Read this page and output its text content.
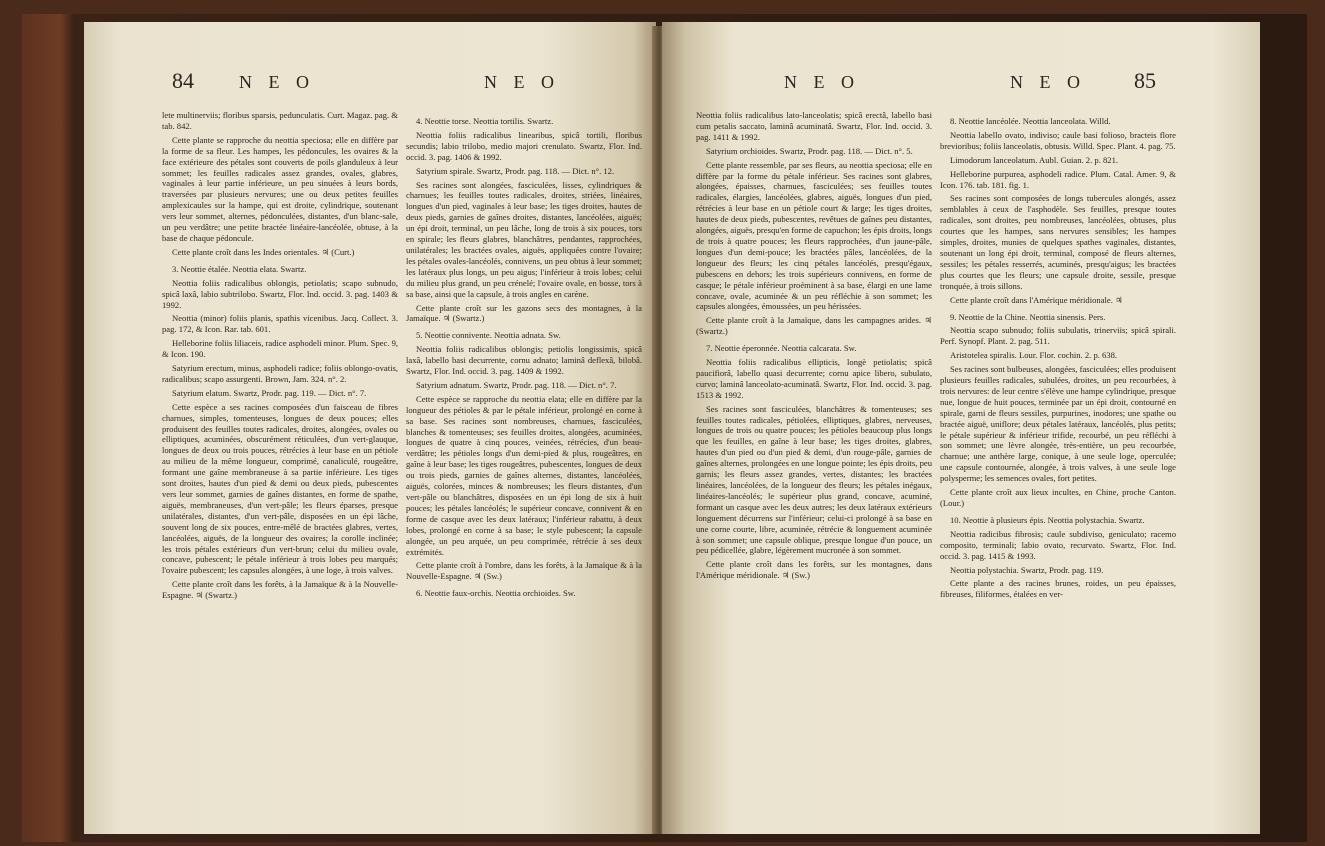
84	N E O	N E O

lete multinerviis; floribus sparsis, pedunculatis. Curt. Magaz. pag. & tab. 842.

Cette plante se rapproche du neottia speciosa; elle en diffère par la forme de sa fleur. Les hampes, les pédoncules, les ovaires & la face extérieure des pétales sont couverts de poils glanduleux à leur sommet; les feuilles radicales assez grandes, ovales, glabres, vaginales à leur partie inférieure, un peu sinuées à leurs bords, traversées par plusieurs nervures; une ou deux petites feuilles amplexicaules sur la hampe, qui est droite, cylindrique, soutenant vers leur sommet, alternes, pédonculées, distantes, d'un blanc-sale, un peu verdâtre; une petite bractée linéaire-lancéolée, obtuse, à la base de chaque pédoncule.

Cette plante croît dans les Indes orientales. ♃ (Curt.)

3. Neottie étalée. Neottia elata. Swartz.

Neottia foliis radicalibus oblongis, petiolatis; scapo subnudo, spicâ laxâ, labio subtrilobo. Swartz, Flor. Ind. occid. 3. pag. 1403 & 1992.

Neottia (minor) foliis planis, spathis vicenibus. Jacq. Collect. 3. pag. 172, & Icon. Rar. tab. 601.

Helleborine foliis liliaceis, radice asphodeli minor. Plum. Spec. 9, & Icon. 190.

Satyrium erectum, minus, asphodeli radice; foliis oblongo-ovatis, radicalibus; scapo assurgenti. Brown, Jam. 324. n°. 2.

Satyrium elatum. Swartz, Prodr. pag. 119. — Dict. n°. 7.

Cette espèce a ses racines composées d'un faisceau de fibres charnues, simples, tomenteuses, longues de deux pouces; elles produisent des feuilles toutes radicales, droites, alongées, ovales ou elliptiques, acuminées, obscurément réticulées, d'un vert-glauque, longues de deux ou trois pouces, rétrécies à leur base en un pétiole au milieu de la même longueur, comprimé, canaliculé, rougeâtre, formant une gaîne membraneuse à sa partie inférieure. Les tiges sont droites, hautes d'un pied & demi ou deux pieds, pubescentes vers leur sommet, garnies de gaînes distantes, en forme de spathe, aiguës, membraneuses, d'un vert-pâle; les fleurs éparses, presque unilatérales, distantes, d'un vert-pâle, disposées en un épi lâche, souvent long de six pouces, entre-mêlé de bractées glabres, vertes, lancéolées, aiguës, de la longueur des ovaires; la corolle inclinée; les trois pétales extérieurs d'un vert-brun; celui du milieu ovale, concave, pubescent; le pétale inférieur à trois lobes peu marqués; l'ovaire pubescent; les capsules alongées, à une loge, à trois valves.

Cette plante croît dans les forêts, à la Jamaïque & à la Nouvelle-Espagne. ♃ (Swartz.)

4. Neottie torse. Neottia tortilis. Swartz.

Neottia foliis radicalibus linearibus, spicâ tortili, floribus secundis; labio trilobo, medio majori crenulato. Swartz, Flor. Ind. occid. 3. pag. 1406 & 1992.

Satyrium spirale. Swartz, Prodr. pag. 118. — Dict. n°. 12.

Ses racines sont alongées, fasciculées, lisses, cylindriques & charnues; les feuilles toutes radicales, droites, striées, linéaires, longues d'un pied, vaginales à leur base; les tiges droites, hautes de deux pieds, garnies de gaînes droites, distantes, lancéolées, aiguës; un épi droit, terminal, un peu lâche, long de trois à six pouces, tors en spirale; les fleurs glabres, blanchâtres, pendantes, rapprochées, unilatérales; les bractées ovales, aiguës, appliquées contre l'ovaire; les pétales ovales-lancéolés, connivens, un peu obtus à leur sommet; les latéraux plus longs, un peu aigus; l'inférieur à trois lobes; celui du milieu plus grand, un peu crénelé; l'ovaire ovale, en bosse, tors à sa base, ainsi que la capsule, à trois angles en carène.

Cette plante croît sur les gazons secs des montagnes, à la Jamaïque. ♃ (Swartz.)

5. Neottie connivente. Neottia adnata. Sw.

Neottia foliis radicalibus oblongis; petiolis longissimis, spicâ laxâ, labello basi decurrente, cornu adnato; laminâ deflexâ, bilobâ. Swartz, Flor. Ind. occid. 3. pag. 1409 & 1992.

Satyrium adnatum. Swartz, Prodr. pag. 118. — Dict. n°. 7.

Cette espèce se rapproche du neottia elata; elle en diffère par la longueur des pétioles & par le pétale inférieur, prolongé en corne à sa base. Ses racines sont nombreuses, charnues, fasciculées, blanches & tomenteuses; ses feuilles droites, alongées, acuminées, longues de quatre à cinq pouces, veinées, rétrécies, d'un beau-verdâtre; les pétioles longs d'un demi-pied & plus, rougeâtres, en gaîne à leur base; les tiges rougeâtres, pubescentes, longues de deux ou trois pieds, garnies de gaînes alternes, distantes, lancéolées, aiguës, colorées, minces & nombreuses; les fleurs distantes, d'un vert-pâle ou blanchâtres, disposées en un épi long de six à huit pouces; les pétales lancéolés; le supérieur concave, connivent & en forme de casque avec les deux latéraux; l'inférieur rabattu, à deux lobes, prolongé en corne à sa base; le style pubescent; la capsule alongée, un peu arquée, un peu comprimée, rétrécie à ses deux extrémités.

Cette plante croît à l'ombre, dans les forêts, à la Jamaïque & à la Nouvelle-Espagne. ♃ (Sw.)

6. Neottie faux-orchis. Neottia orchioides. Sw.

N E O	N E O 85

Neottia foliis radicalibus lato-lanceolatis; spicâ erectâ, labello basi cum petalis saccato, laminâ acuminatâ. Swartz, Flor. Ind. occid. 3. pag. 1411 & 1992.

Satyrium orchioides. Swartz, Prodr. pag. 118. — Dict. n°. 5.

Cette plante ressemble, par ses fleurs, au neottia speciosa; elle en diffère par la forme du pétale inférieur. Ses racines sont glabres, alongées, épaisses, charnues, fasciculées; ses feuilles toutes radicales, élargies, lancéolées, glabres, aiguës, longues d'un pied, rétrécies à leur base en un pétiole court & large; les tiges droites, hautes de deux pieds, pubescentes, revêtues de gaînes peu distantes, alongées, aiguës, presqu'en forme de capuchon; les épis droits, longs de trois à quatre pouces; les fleurs rapprochées, d'un jaune-pâle, longues d'un demi-pouce; les bractées pâles, lancéolées, de la longueur des fleurs; les cinq pétales lancéolés, presqu'égaux, pubescens en dehors; les trois supérieurs connivens, en forme de casque; le pétale inférieur proéminent à sa base, élargi en une lame concave, ovale, acuminée & un peu réfléchie à son sommet; les capsules alongées, émoussées, un peu hérissées.

Cette plante croît à la Jamaïque, dans les campagnes arides. ♃ (Swartz.)

7. Neottie éperonnée. Neottia calcarata. Sw.

Neottia foliis radicalibus ellipticis, longè petiolatis; spicâ paucifiorâ, labello quasi decurrente; cornu apice libero, subulato, curvo; laminâ lanceolato-acuminatâ. Swartz, Flor. Ind. occid. 3. pag. 1513 & 1992.

Ses racines sont fasciculées, blanchâtres & tomenteuses; ses feuilles toutes radicales, pétiolées, elliptiques, glabres, nerveuses, longues de trois ou quatre pouces; les pétioles beaucoup plus longs que les feuilles, en gaîne à leur base; les tiges droites, glabres, hautes d'un pied ou d'un pied & demi, d'un rouge-pâle, garnies de gaînes alternes, prolongées en une longue pointe; les épis droits, peu garnis; les fleurs assez grandes, vertes, distantes; les bractées linéaires, lancéolées, de la longueur des fleurs; les pétales inégaux, linéaires-lancéolés; le supérieur plus grand, concave, acuminé, formant un casque avec les deux autres; les deux latéraux extérieurs longuement décurrens sur l'inférieur; celui-ci prolongé à sa base en une corne courte, libre, acuminée, rétrécie & longuement acuminée à son sommet; une capsule oblique, presque longue d'un pouce, un peu pédicellée, glabre, légèrement mucronée à son sommet.

Cette plante croît dans les forêts, sur les montagnes, dans l'Amérique méridionale. ♃ (Sw.)

8. Neottie lancéolée. Neottia lanceolata. Willd.

Neottia labello ovato, indiviso; caule basi folioso, bracteis flore brevioribus; foliis lanceolatis, obtusis. Willd. Spec. Plant. 4. pag. 75.

Limodorum lanceolatum. Aubl. Guian. 2. p. 821.

Helleborine purpurea, asphodeli radice. Plum. Catal. Amer. 9, & Icon. 176. tab. 181. fig. 1.

Ses racines sont composées de longs tubercules alongés, assez semblables à ceux de l'asphodèle. Ses feuilles, presque toutes radicales, sont droites, peu nombreuses, lancéolées, obtuses, plus courtes que les hampes, sans nervures sensibles; les hampes simples, droites, munies de quelques spathes vaginales, distantes, soutenant un long épi droit, terminal, composé de fleurs alternes, sessiles; les pétales resserrés, acuminés, presqu'aigus; les bractées plus courtes que les fleurs; une capsule droite, sessile, presque tronquée, à trois sillons.

Cette plante croît dans l'Amérique méridionale. ♃

9. Neottie de la Chine. Neottia sinensis. Pers.

Neottia scapo subnudo; foliis subulatis, trinerviis; spicâ spirali. Perf. Synopf. Plant. 2. pag. 511.

Aristotelea spiralis. Lour. Flor. cochin. 2. p. 638.

Ses racines sont bulbeuses, alongées, fasciculées; elles produisent plusieurs feuilles radicales, subulées, droites, un peu recourbées, à trois nervures: de leur centre s'élève une hampe cylindrique, presque nue, longue de huit pouces, terminée par un épi droit, contourné en spirale, garni de fleurs sessiles, purpurines, inodores; une spathe ou bractée aiguë, uniflore; deux pétales latéraux, lancéolés, plus petits; le pétale supérieur & inférieur trifide, recourbé, un peu réfléchi à son sommet; une lèvre alongée, très-entière, un peu recourbée, charnue; une anthère large, conique, à une seule loge, operculée; une capsule contournée, alongée, à trois valves, à une seule loge polysperme; les semences ovales, fort petites.

Cette plante croît aux lieux incultes, en Chine, proche Canton. (Lour.)

10. Neottie à plusieurs épis. Neottia polystachia. Swartz.

Neottia radicibus fibrosis; caule subdiviso, geniculato; racemo composito, terminali; labio ovato, recurvato. Swartz, Flor. Ind. occid. 3. pag. 1415 & 1993.

Neottia polystachia. Swartz, Prodr. pag. 119.

Cette plante a des racines brunes, roides, un peu épaisses, fibreuses, filiformes, étalées en ver-
